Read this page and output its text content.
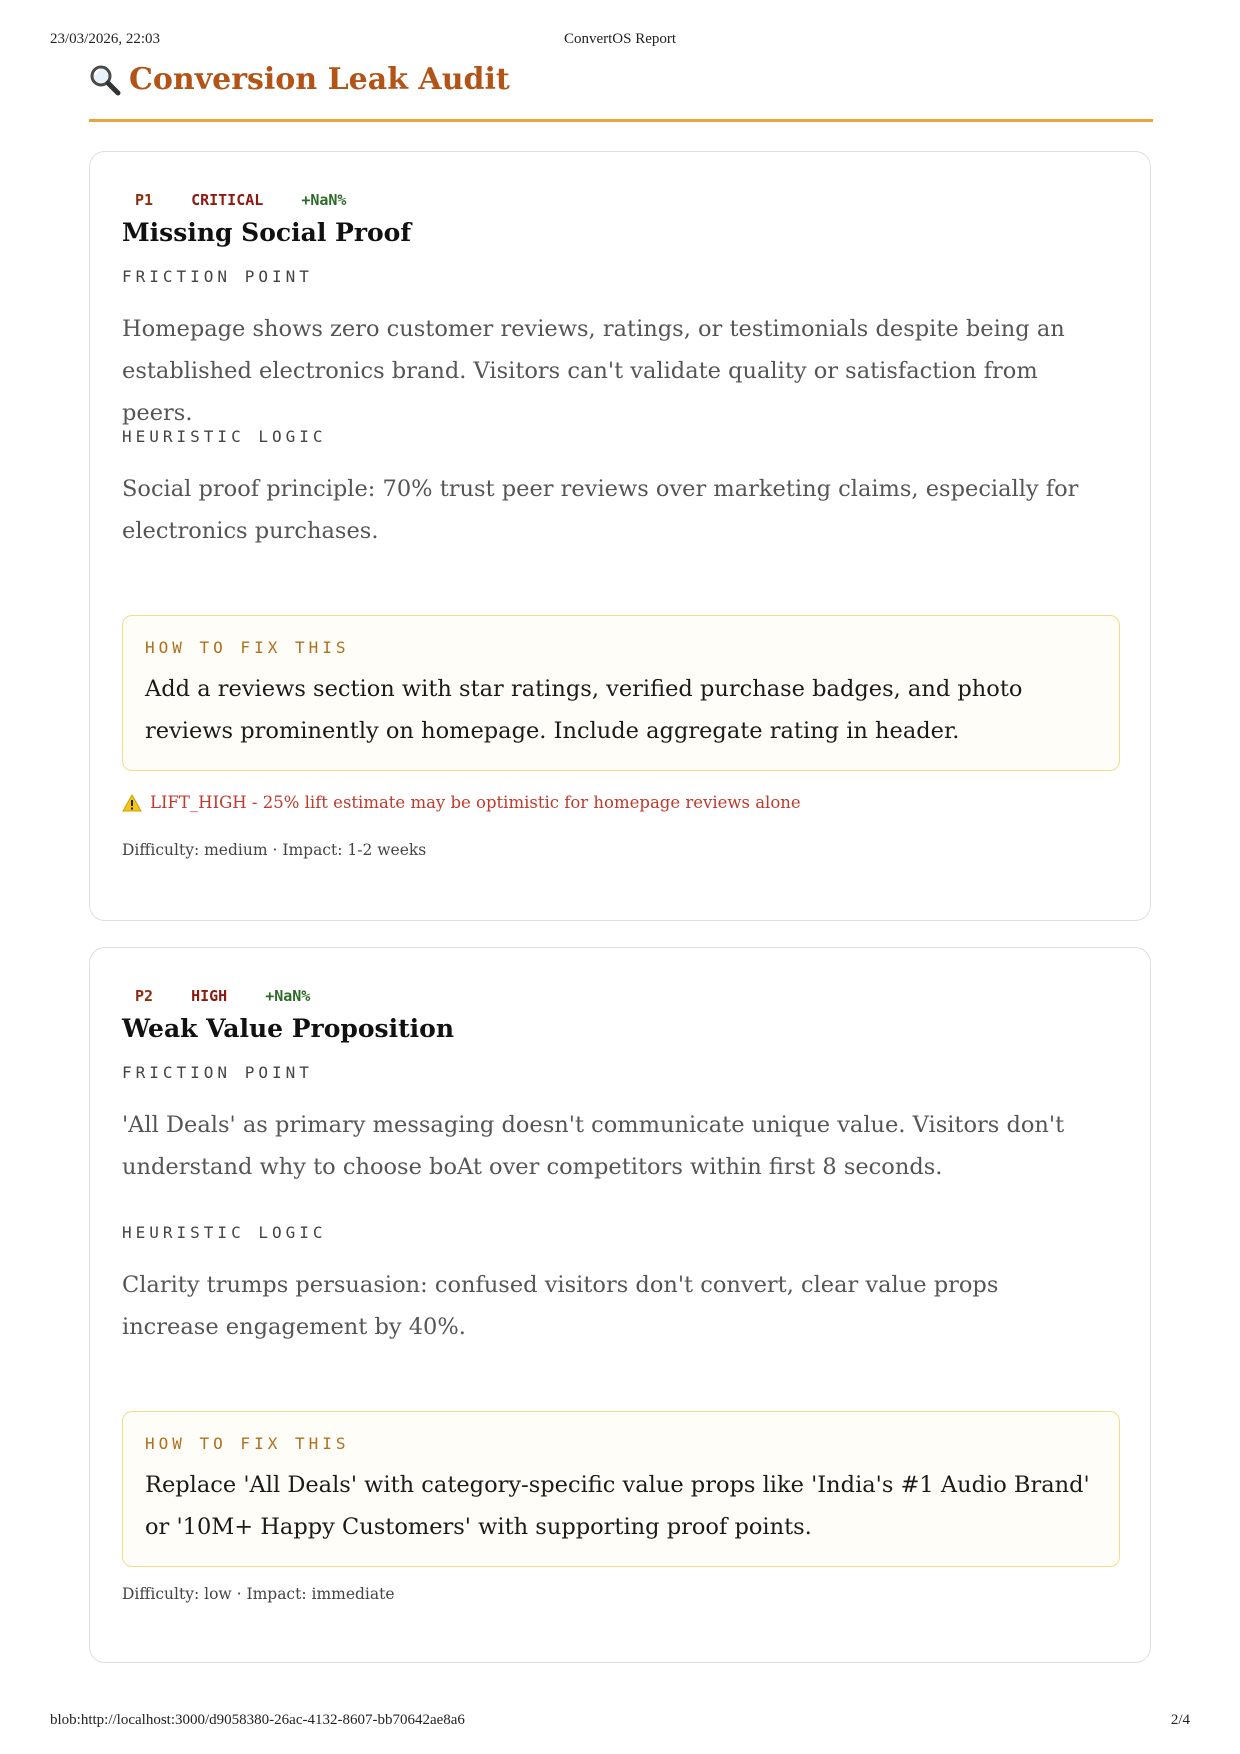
23/03/2026, 22:03	ConvertOS Report
Conversion Leak Audit
P1	CRITICAL	+NaN%
Missing Social Proof
FRICTION POINT

Homepage shows zero customer reviews, ratings, or testimonials despite being an established electronics brand. Visitors can't validate quality or satisfaction from peers.

HEURISTIC LOGIC

Social proof principle: 70% trust peer reviews over marketing claims, especially for electronics purchases.

HOW TO FIX THIS

Add a reviews section with star ratings, verified purchase badges, and photo reviews prominently on homepage. Include aggregate rating in header.

LIFT_HIGH - 25% lift estimate may be optimistic for homepage reviews alone
Difficulty: medium · Impact: 1-2 weeks
P2	HIGH	+NaN%
Weak Value Proposition
FRICTION POINT

'All Deals' as primary messaging doesn't communicate unique value. Visitors don't understand why to choose boAt over competitors within first 8 seconds.

HEURISTIC LOGIC

Clarity trumps persuasion: confused visitors don't convert, clear value props increase engagement by 40%.

HOW TO FIX THIS

Replace 'All Deals' with category-specific value props like 'India's #1 Audio Brand' or '10M+ Happy Customers' with supporting proof points.

Difficulty: low · Impact: immediate
blob:http://localhost:3000/d9058380-26ac-4132-8607-bb70642ae8a6	2/4
